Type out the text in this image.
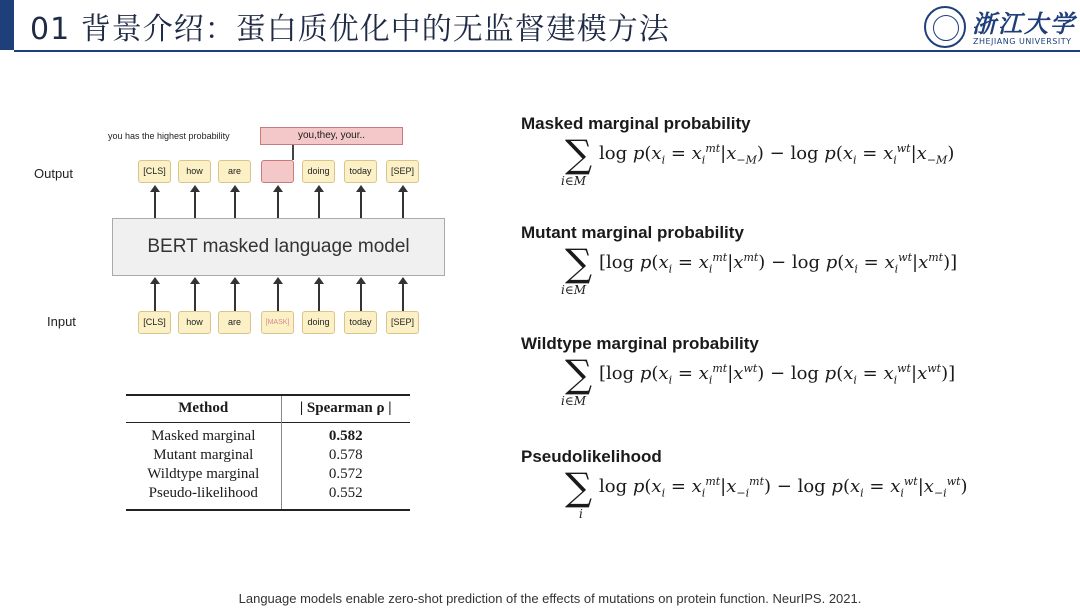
01 背景介绍：蛋白质优化中的无监督建模方法	浙江大学
ZHEJIANG UNIVERSITY
you has the highest probability	you,they, your..
Output
Input
[CLS]	how	are	doing	today	[SEP]
BERT masked language model
[CLS]	how	are	[MASK]	doing	today	[SEP]
Method	| Spearman ρ |
Masked marginal	0.582
Mutant marginal	0.578
Wildtype marginal	0.572
Pseudo-likelihood	0.552
Masked marginal probability
∑
i∈M
$\log p(x_i = x_i^{mt}|x_{-M}) - \log p(x_i = x_i^{wt}|x_{-M})$
Mutant marginal probability
∑
i∈M
[log $p(x_i = x_i^{mt}|x^{mt}) - \log p(x_i = x_i^{wt}|x^{mt})$]
Wildtype marginal probability
∑
i∈M
[log $p(x_i = x_i^{mt}|x^{wt}) - \log p(x_i = x_i^{wt}|x^{wt})$]
Pseudolikelihood
∑
i
$\log p(x_i = x_i^{mt}|x_{-i}^{mt}) - \log p(x_i = x_i^{wt}|x_{-i}^{wt})$
Language models enable zero-shot prediction of the effects of mutations on protein function. NeurIPS. 2021.
